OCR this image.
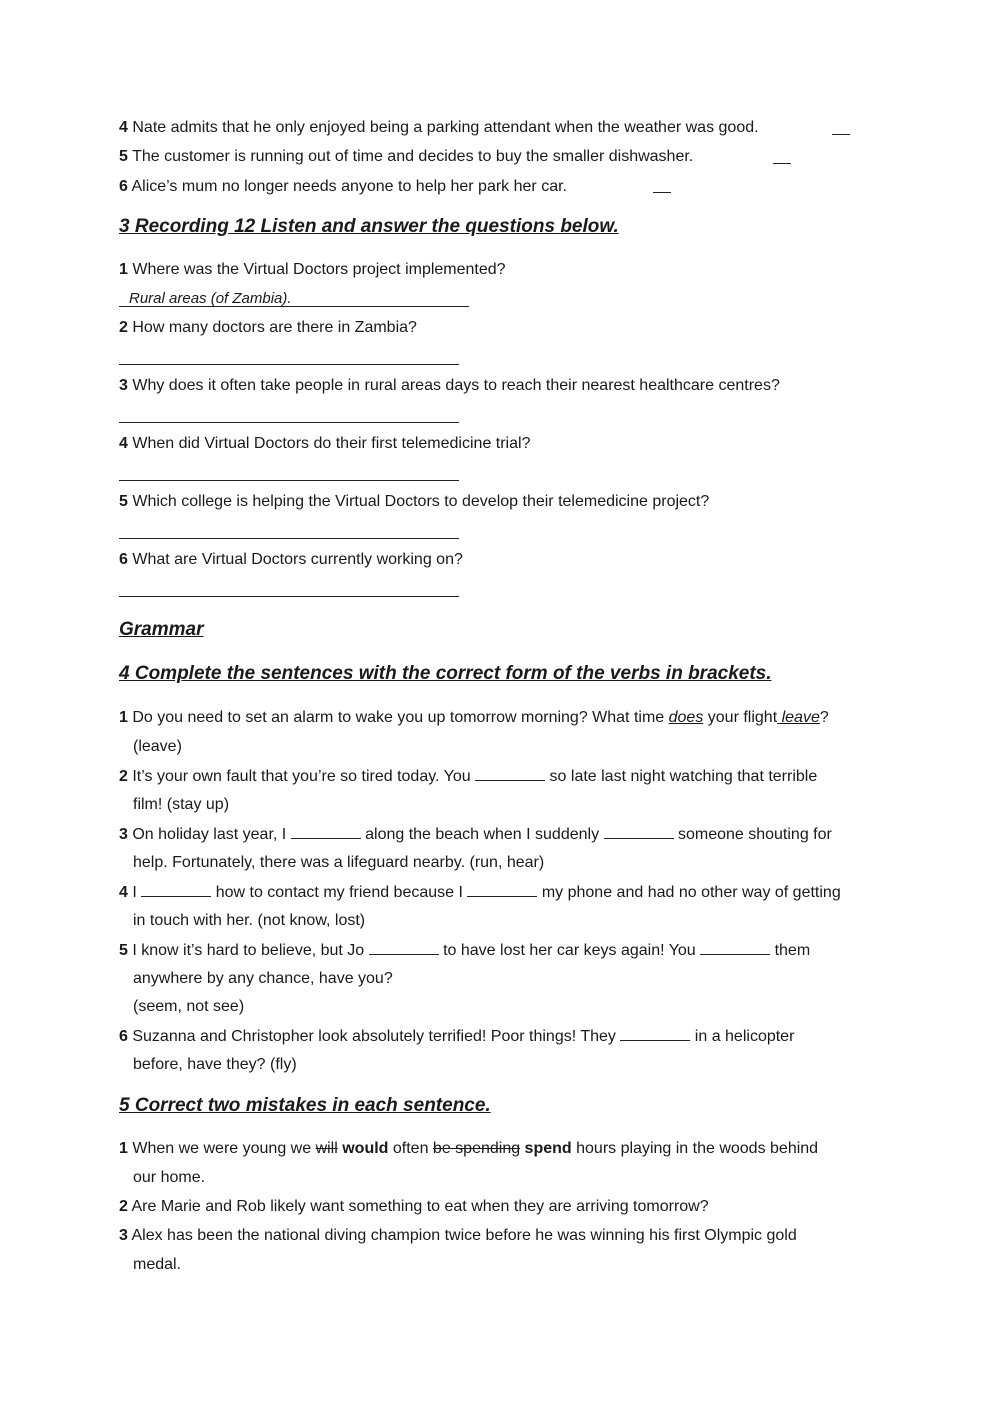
4 Nate admits that he only enjoyed being a parking attendant when the weather was good.
5 The customer is running out of time and decides to buy the smaller dishwasher.
6 Alice’s mum no longer needs anyone to help her park her car.
3 Recording 12 Listen and answer the questions below.
1 Where was the Virtual Doctors project implemented?
Rural areas (of Zambia).
2 How many doctors are there in Zambia?
3 Why does it often take people in rural areas days to reach their nearest healthcare centres?
4 When did Virtual Doctors do their first telemedicine trial?
5 Which college is helping the Virtual Doctors to develop their telemedicine project?
6 What are Virtual Doctors currently working on?
Grammar
4 Complete the sentences with the correct form of the verbs in brackets.
1 Do you need to set an alarm to wake you up tomorrow morning? What time does your flight leave?
(leave)
2 It’s your own fault that you’re so tired today. You	so late last night watching that terrible
film! (stay up)
3 On holiday last year, I	along the beach when I suddenly	someone shouting for
help. Fortunately, there was a lifeguard nearby. (run, hear)
4 I	how to contact my friend because I	my phone and had no other way of getting
in touch with her. (not know, lost)
5 I know it’s hard to believe, but Jo	to have lost her car keys again! You	them
anywhere by any chance, have you?
(seem, not see)
6 Suzanna and Christopher look absolutely terrified! Poor things! They	in a helicopter
before, have they? (fly)
5 Correct two mistakes in each sentence.
1 When we were young we will would often be spending spend hours playing in the woods behind
our home.
2 Are Marie and Rob likely want something to eat when they are arriving tomorrow?
3 Alex has been the national diving champion twice before he was winning his first Olympic gold
medal.
